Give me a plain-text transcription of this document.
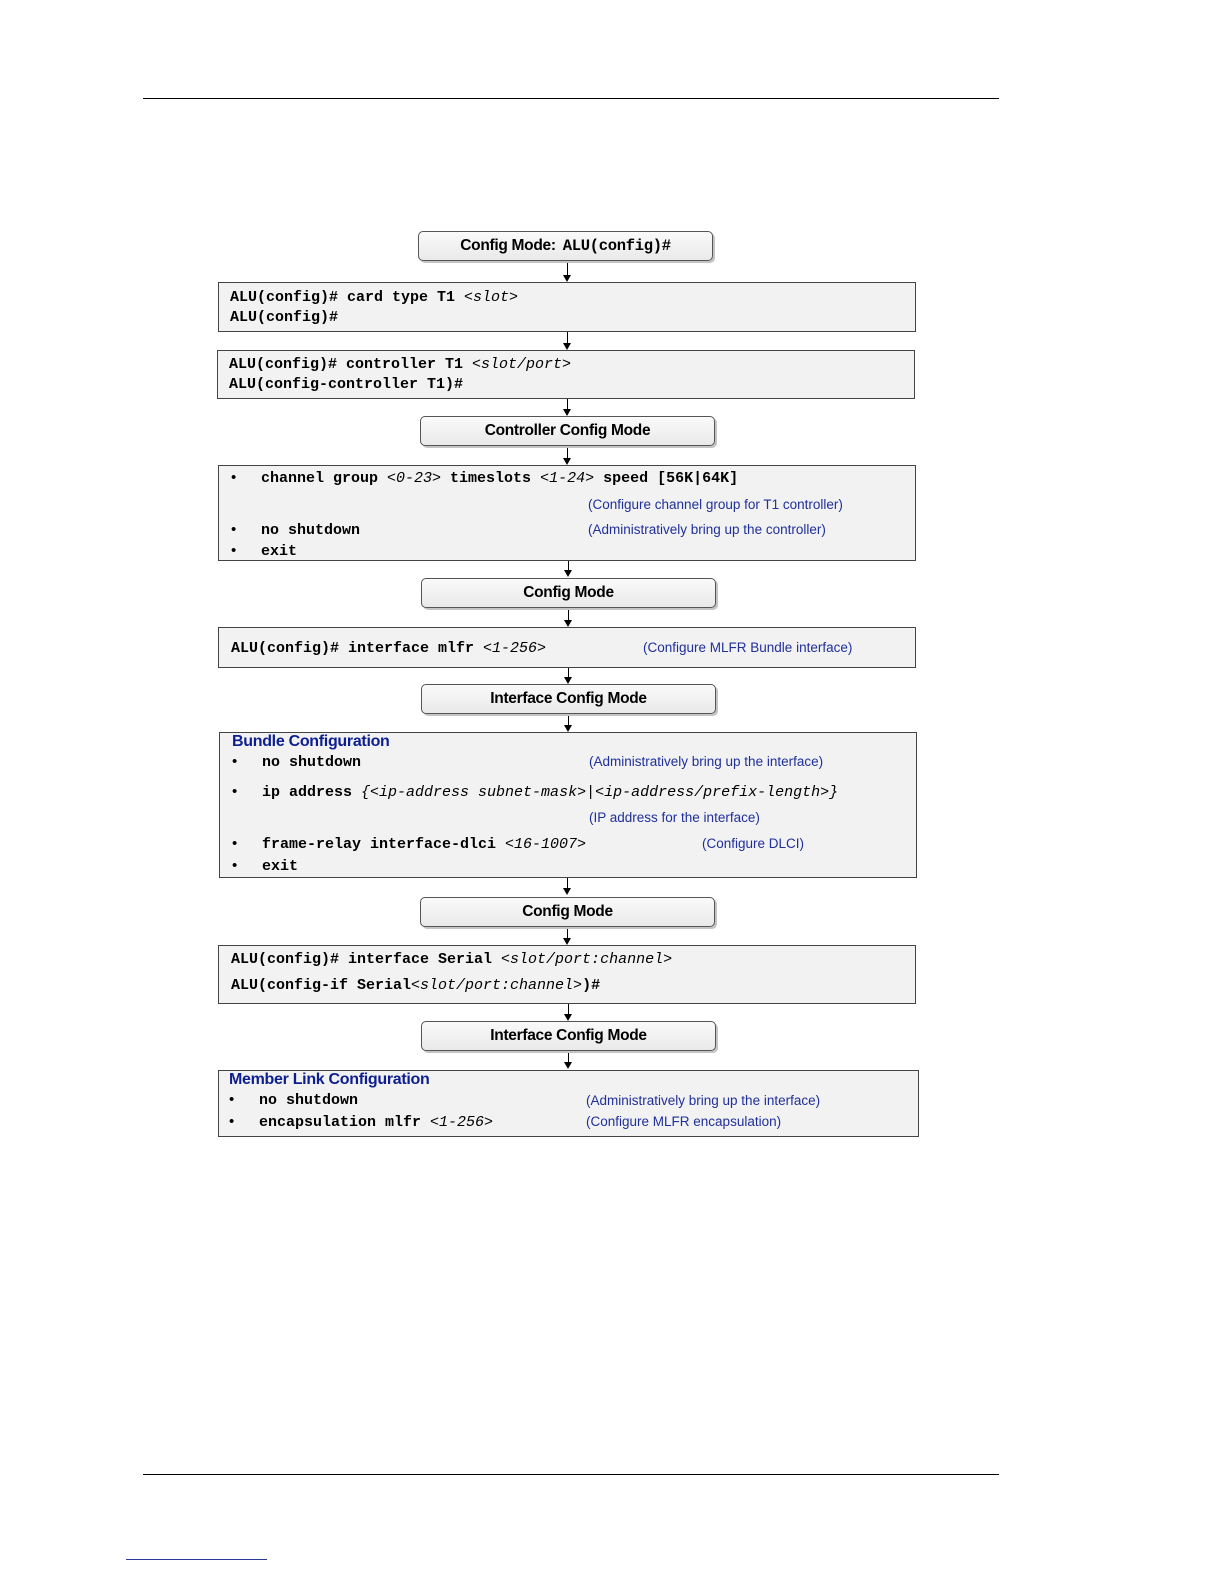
Config Mode: ALU(config)#
ALU(config)# card type T1 <slot>
ALU(config)#
ALU(config)# controller T1 <slot/port>
ALU(config-controller T1)#
Controller Config Mode
• channel group <0-23> timeslots <1-24> speed [56K|64K]
(Configure channel group for T1 controller)
• no shutdown	(Administratively bring up the controller)
• exit
Config Mode
ALU(config)# interface mlfr <1-256>	(Configure MLFR Bundle interface)
Interface Config Mode
Bundle Configuration
• no shutdown	(Administratively bring up the interface)
• ip address {<ip-address subnet-mask>|<ip-address/prefix-length>}
(IP address for the interface)
• frame-relay interface-dlci <16-1007>	(Configure DLCI)
• exit
Config Mode
ALU(config)# interface Serial <slot/port:channel>
ALU(config-if Serial<slot/port:channel>)#
Interface Config Mode
Member Link Configuration
• no shutdown	(Administratively bring up the interface)
• encapsulation mlfr <1-256>	(Configure MLFR encapsulation)
